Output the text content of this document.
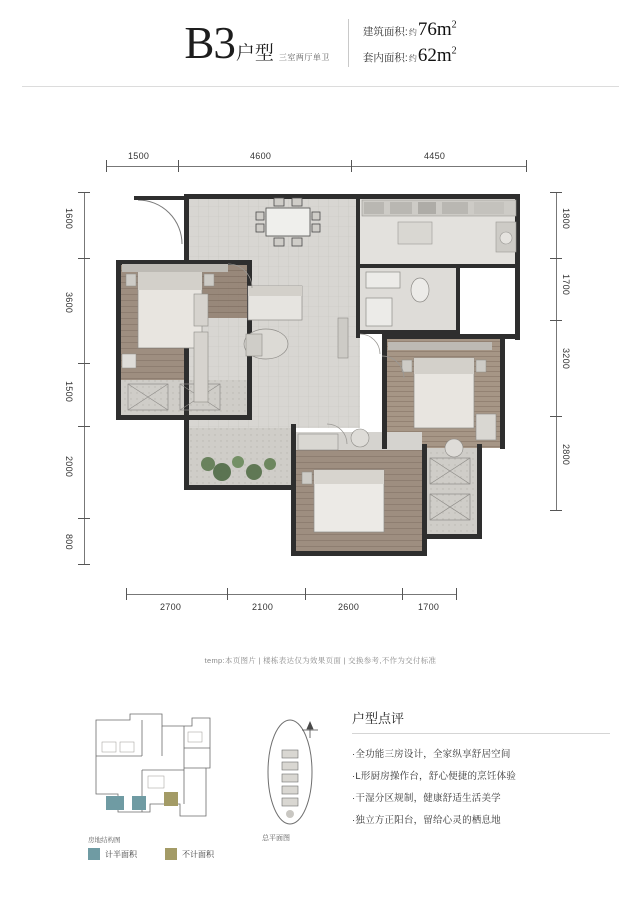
B3 户型 三室两厅单卫
建筑面积: 约 $76m^2$
套内面积: 约 $62m^2$
1500	4600	4450
1600
3600
1500
2000
800
1800
1700
3200
2800
2700	2100	2600	1700
temp:本页图片 | 楼栋表达仅为效果页面 | 交换参考,不作为交付标准
房地结构图
计半面积	不计面积
总平面图
户型点评
·全功能三房设计，全家纵享舒居空间
·L形厨房操作台，舒心便捷的烹饪体验
·干湿分区规制，健康舒适生活美学
·独立方正阳台，留给心灵的栖息地
